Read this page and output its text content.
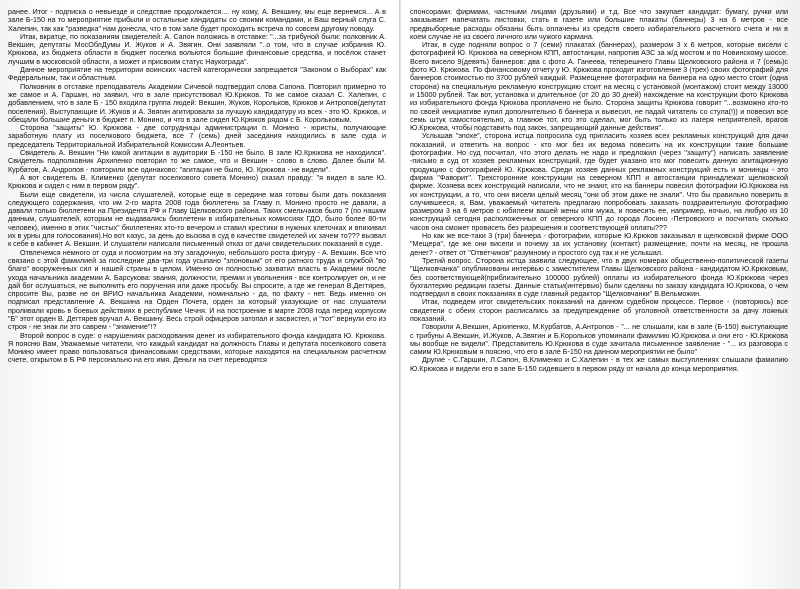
ранее. Итог - подписка о невыезде и следствие продолжается.... ну кому, А. Векшину, мы еще вернемся... А в зале Б-150 на то мероприятие прибыли и остальные кандидаты со своими командами, и Ваш верный слуга С. Халепин, так как "разведка" нам донесла, что в том зале будет проходить встреча по совсем другому поводу.

Итак, вкратце, по показаниям свидетелей: А. Сапон положись в отставке: "...за трибуной были: полковник А. Векшин, депутаты МосОблДумы И. Жуков и А. Звягин. Они заявляли "..о том, что в случае избрания Ю. Крюкова, из бюджета области в бюджет поселка вольются большие финансовые средства, и посёлок станет лучшим в московской области, а может и присвоим статус Наукограда".

Данное мероприятие на территории воинских частей категорически запрещается "Законом о Выборах" как Федеральным, так и областным.

Полковник в отставке преподаватель Академии Сичевой подтвердил слова Сапона. Повторил примерно то же самое и А. Гаршин, но заявил, что в зале присутствовал Ю.Крюков. То же самое сказал С. Халепин, с добавлением, что в зале Б - 150 входила группа людей: Векшин, Жуков, Корольков, Крюков и Антропов(депутат поселения). Выступающие И. Жуков и А. Звягин агитировали за лучшую кандидатуру из всех - это Ю. Крюков, и обещали большие деньги в бюджет п. Монино, и что в зале сидел Ю.Крюков рядом с Б. Корольковым.

Сторона "защиты" Ю. Крюкова - две сотрудницы администрации п. Монино - юристы, получающие заработную плату из поселкового бюджета, все 7 (семь) дней заседания находились в зале суда и председатель Территориальной Избирательной Комиссии А.Леонтьев.

Свидетель А. Векшин "Ни какой агитации в аудитории Б -150 не было. В зале Ю.Крюкова не находился". Свидетель подполковник Архипенко повторил то же самое, что и Векшин - слово в слово. Далее были М. Курбатов, А. Андропов - повторили все одинаково: "агитации не было, Ю. Крюкова - не видели".

А вот свидетель В. Клименко (депутат поселкового совета Монино) сказал правду: "я видел в зале Ю. Крюкова и сидел с ним в первом ряду".

Были еще свидетели, из числа слушателей, которые еще в середине мая готовы были дать показания следующего содержания, что им 2-го марта 2008 года бюллетень за Главу п. Монино просто не давали, а давали только бюллетени на Президента РФ и Главу Щелковского района. Таких смельчаков было 7 (по нашим данным, слушателей, которым не выдавались бюллетени в избирательных комиссиях ГДО, было более 80-ти человек), именно в этих "чистых" бюллетенях кто-то вечером и ставил крестики в нужных клеточках и впихивал их в урны для голосования).Но вот казус, за день до вызова в суд в качестве свидетелей их зачем то??? вызвал к себе в кабинет А. Векшин. И слушатели написали письменный отказ от дачи свидетельских показаний в суде.

Отвлечемся немного от суда и посмотрим на эту загадочную, небольшого роста фигуру - А. Векшин. Все что связано с этой фамилией за последние два-три года усыпано "злоновым" от его ратного труда и службой "во благо" вооруженных сил и нашей страны в целом. Именно он полностью захватил власть в Академии после ухода начальника академии А. Барсукова: звания, должности, премии и увольнения - все контролирует он, и не дай бог ослушаться, не выполнить его поручения или даже просьбу. Вы спросите, а где же генерал В.Дегтярев, спросите Вы, разве не он ВРИО начальника Академии, номинально - да, по факту - нет. Ведь именно он подписал представление А. Векшина на Орден Почета, орден за который указующие от нас слушатели проливали кровь в боевых действиях в республике Чечня. И на построение в марте 2008 года перед корпусом "Б" этот орден В. Дегтярев вручал А. Векшину. Весь строй офицеров затопал и засвистел, и "тот" вернули его из строя - не знак ли это саврем - "знамение"!?

Второй вопрос в суде: о нарушениях расходования денег из избирательного фонда кандидата Ю. Крюкова. Я поясню Вам, Уважаемые читатели, что каждый кандидат на должность Главы и депутата поселкового совета Монино имеет право пользоваться финансовыми средствами, которые находятся на специальном расчетном счете, открытом в Б РФ персонально на его имя. Деньги на счет переводятся

спонсорами: фирмами, частными лицами (друзьями) и т.д. Все что закупает кандидат: бумагу, ручки или заказывает напечатать листовки, стать в газете или большие плакаты (баннеры) 3 на 6 метров - все предвыборные расходы обязаны быть оплачены из средств своего избирательного расчетного счета и ни в коем случае не из своего личного или чужого кармана.

Итак, в суде подняли вопрос о 7 (семи) плакатах (баннерах), размером 3 х 6 метров, которые висели с фотографией Ю. Крюкова на северном КПП, автостанции, напротив АЗС за ж/д мостом и по Новинскому шоссе. Всего висело 9(девять) баннеров: два с фото А. Ганеева, теперешнего Главы Щелковского района и 7 (семь)с фото Ю. Крюкова. По финансовому отчету у Ю. Крюкова проходит изготовление 3 (трех) своих фотографий для баннеров стоимостью по 3700 рублей каждый. Размещение фотографии на баннера на одно место стоит (одна сторона) на специальную рекламную конструкцию стоит на месяц с установкой (монтажом) стоит между 13000 и 15000 рублей. Так вот, установка и длительное (от 20 до 30 дней) нахождение на конструкции фото Крюкова из избирательного фонда Крюкова проплачено не было. Сторона защиты Крюкова говорит "...возможно кто-то по своей инициативе купил дополнительно 6 баннера и вывесил, не падай читатель со стула(!)) и повесил все семь штук самостоятельно, а главное тот, кто это сделал, мог быть только из лагеря неприятелей, врагов Ю.Крюкова, чтобы подставить под закон, запрещающий данные действия".

Услышав "эпохе", сторона истца попросила суд пригласить хозяев всех рекламных конструкций для дачи показаний, и ответить на вопрос - кто мог без их ведома повесить на их конструкции такие большие фотографии. Но суд посчитал, что этого делать не надо и предложил (через "защиту") написать заявление -письмо в суд от хозяев рекламных конструкций, где будет указано кто мог повесить данную агитационную продукцию с фотографией Ю. Крюкова. Среди хозяев данных рекламных конструкций есть и монинцы - это фирма "Фаворит". Трехсторонние конструкции на северном КПП и автостанции принадлежат щелковской фирме. Хозяева всех конструкций написали, что не знают, кто на баннеры повесил фотографии Ю.Крюкова на их конструкции, а то, что они висели целый месяц "они об этом даже не знали". Что бы правильно поверить в случившееся, я, Вам, уважаемый читатель предлагаю попробовать заказать поздравительную фотографию размером 3 на 6 метров с юбилеем вашей жены или мужа, и повесить ее, например, ночью, на любую из 10 конструкций сегодня расположенных от северного КПП до города Лосино -Петровского и посчитать сколько часов она сможет провисеть без разрешения и соответствующей оплаты???

Но как же все-таки 3 (три) баннера - фотографии, которые Ю.Крюков заказывал в щелковской фирме ООО "Мещера", где же они висели и почему за их установку (контакт) размещение, почти на месяц, не прошла денег? - ответ от "Ответчиков" разумному и простого суд так и не услышал.

Третий вопрос. Сторона истца заявила следующее, что в двух номерах общественно-политической газеты "Щелковчанка" опубликованы интервью с заместителем Главы Щелковского района - кандидатом Ю.Крюковым, без соответствующей(приблизительно 100000 рублей) оплаты из избирательного фонда Ю.Крюкова через бухгалтерию редакции газеты. Данные статьи(интервью) были сделаны по заказу кандидата Ю.Крюкова, о чем подтвердил в своих показаниях в суде главный редактор "Щелковчанки" В.Вельможин.

Итак, подведем итог свидетельских показаний на данном судебном процессе. Первое - (повторюсь) все свидетели с обеих сторон расписались за предупреждение об уголовной ответственности за дачу ложных показаний.

Говорили А.Векшин, Архипенко, М.Курбатов, А.Антропов - "... не слышали, как в зале (Б-150) выступающие с трибуны А.Векшин, И.Жуков, А.Звягин и Б.Корольков упоминали фамилию Ю.Крюкова и они его - Ю.Крюкова мы вообще не видели". Представитель Ю.Крюкова в суде зачитала письменное заявление - "... из разговора с самим Ю.Крюковым я поясню, что его в зале Б-150 на данном мероприятии не было"

Другие - С.Гаршин, Л.Сапон, В.Клименко и С.Халепин - в тех же самых выступлениях слышали фамилию Ю.Крюкова и видели его в зале Б-150 сидевшего в первом ряду от начала до конца мероприятия.
